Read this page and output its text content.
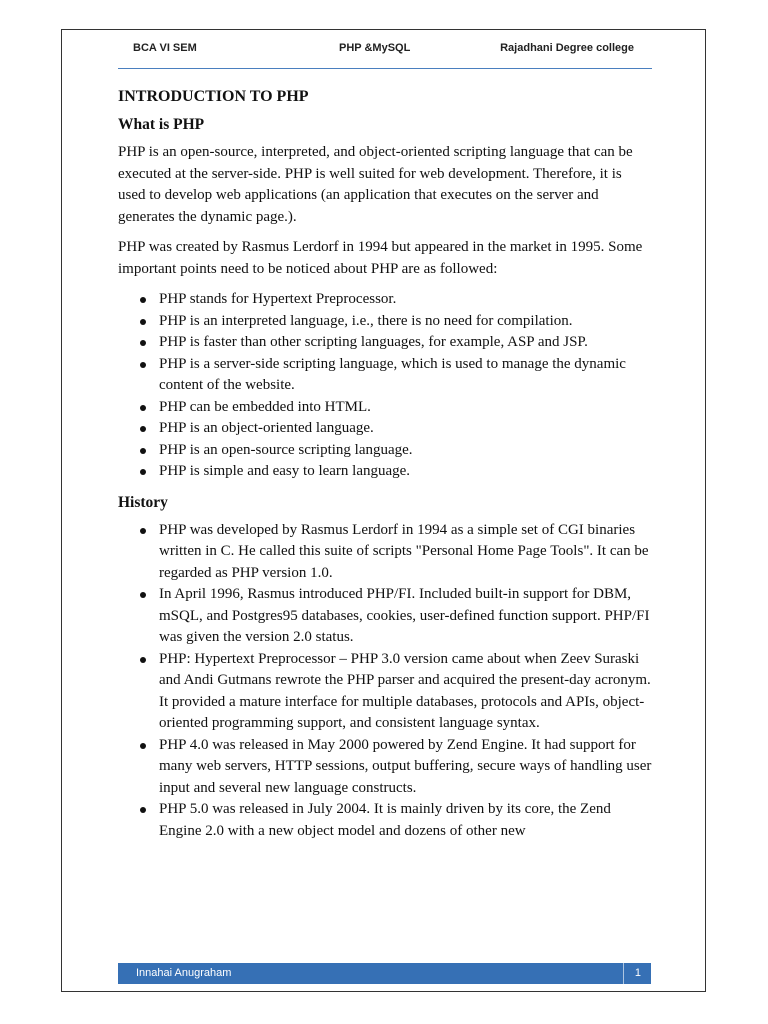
BCA VI SEM	PHP &MySQL	Rajadhani Degree college
INTRODUCTION TO PHP
What is PHP

PHP is an open-source, interpreted, and object-oriented scripting language that can be executed at the server-side. PHP is well suited for web development. Therefore, it is used to develop web applications (an application that executes on the server and generates the dynamic page.).

PHP was created by Rasmus Lerdorf in 1994 but appeared in the market in 1995. Some important points need to be noticed about PHP are as followed:

PHP stands for Hypertext Preprocessor.
PHP is an interpreted language, i.e., there is no need for compilation.
PHP is faster than other scripting languages, for example, ASP and JSP.
PHP is a server-side scripting language, which is used to manage the dynamic content of the website.
PHP can be embedded into HTML.
PHP is an object-oriented language.
PHP is an open-source scripting language.
PHP is simple and easy to learn language.
History
PHP was developed by Rasmus Lerdorf in 1994 as a simple set of CGI binaries written in C. He called this suite of scripts "Personal Home Page Tools". It can be regarded as PHP version 1.0.
In April 1996, Rasmus introduced PHP/FI. Included built-in support for DBM, mSQL, and Postgres95 databases, cookies, user-defined function support. PHP/FI was given the version 2.0 status.
PHP: Hypertext Preprocessor – PHP 3.0 version came about when Zeev Suraski and Andi Gutmans rewrote the PHP parser and acquired the present-day acronym. It provided a mature interface for multiple databases, protocols and APIs, object-oriented programming support, and consistent language syntax.
PHP 4.0 was released in May 2000 powered by Zend Engine. It had support for many web servers, HTTP sessions, output buffering, secure ways of handling user input and several new language constructs.
PHP 5.0 was released in July 2004. It is mainly driven by its core, the Zend Engine 2.0 with a new object model and dozens of other new
Innahai Anugraham	1
